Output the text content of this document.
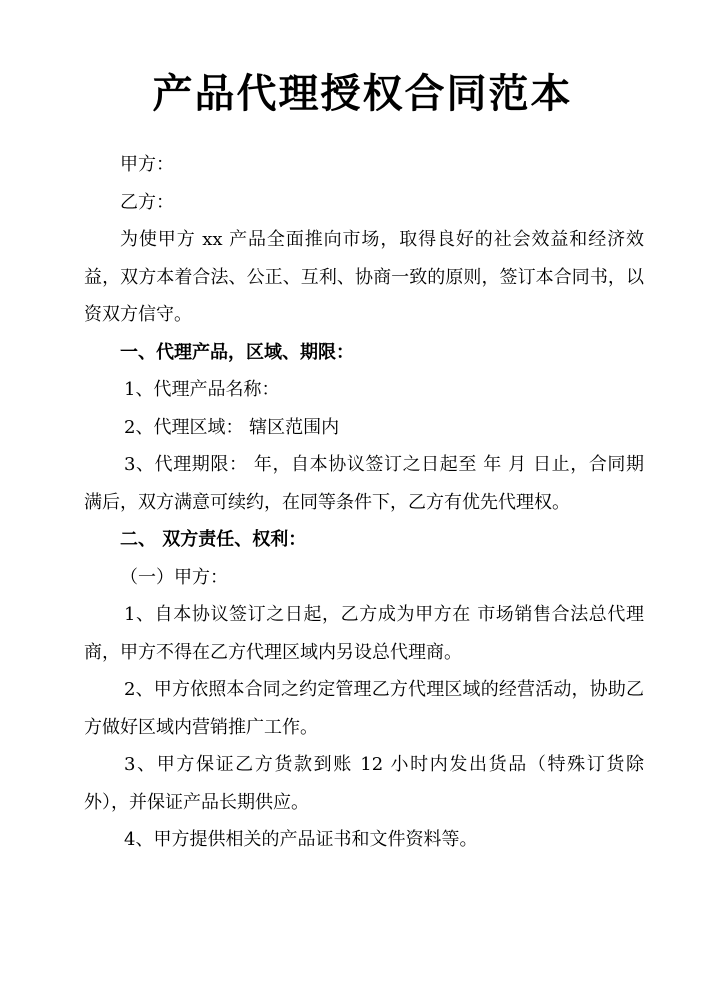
产品代理授权合同范本

甲方：

乙方：

为使甲方 xx 产品全面推向市场，取得良好的社会效益和经济效益，双方本着合法、公正、互利、协商一致的原则，签订本合同书，以资双方信守。

一、代理产品，区域、期限：

1、代理产品名称：

2、代理区域： 辖区范围内

3、代理期限： 年，自本协议签订之日起至 年 月 日止，合同期满后，双方满意可续约，在同等条件下，乙方有优先代理权。

二、 双方责任、权利：

（一）甲方：

1、自本协议签订之日起，乙方成为甲方在 市场销售合法总代理商，甲方不得在乙方代理区域内另设总代理商。

2、甲方依照本合同之约定管理乙方代理区域的经营活动，协助乙方做好区域内营销推广工作。

3、甲方保证乙方货款到账 12 小时内发出货品（特殊订货除外），并保证产品长期供应。

4、甲方提供相关的产品证书和文件资料等。
